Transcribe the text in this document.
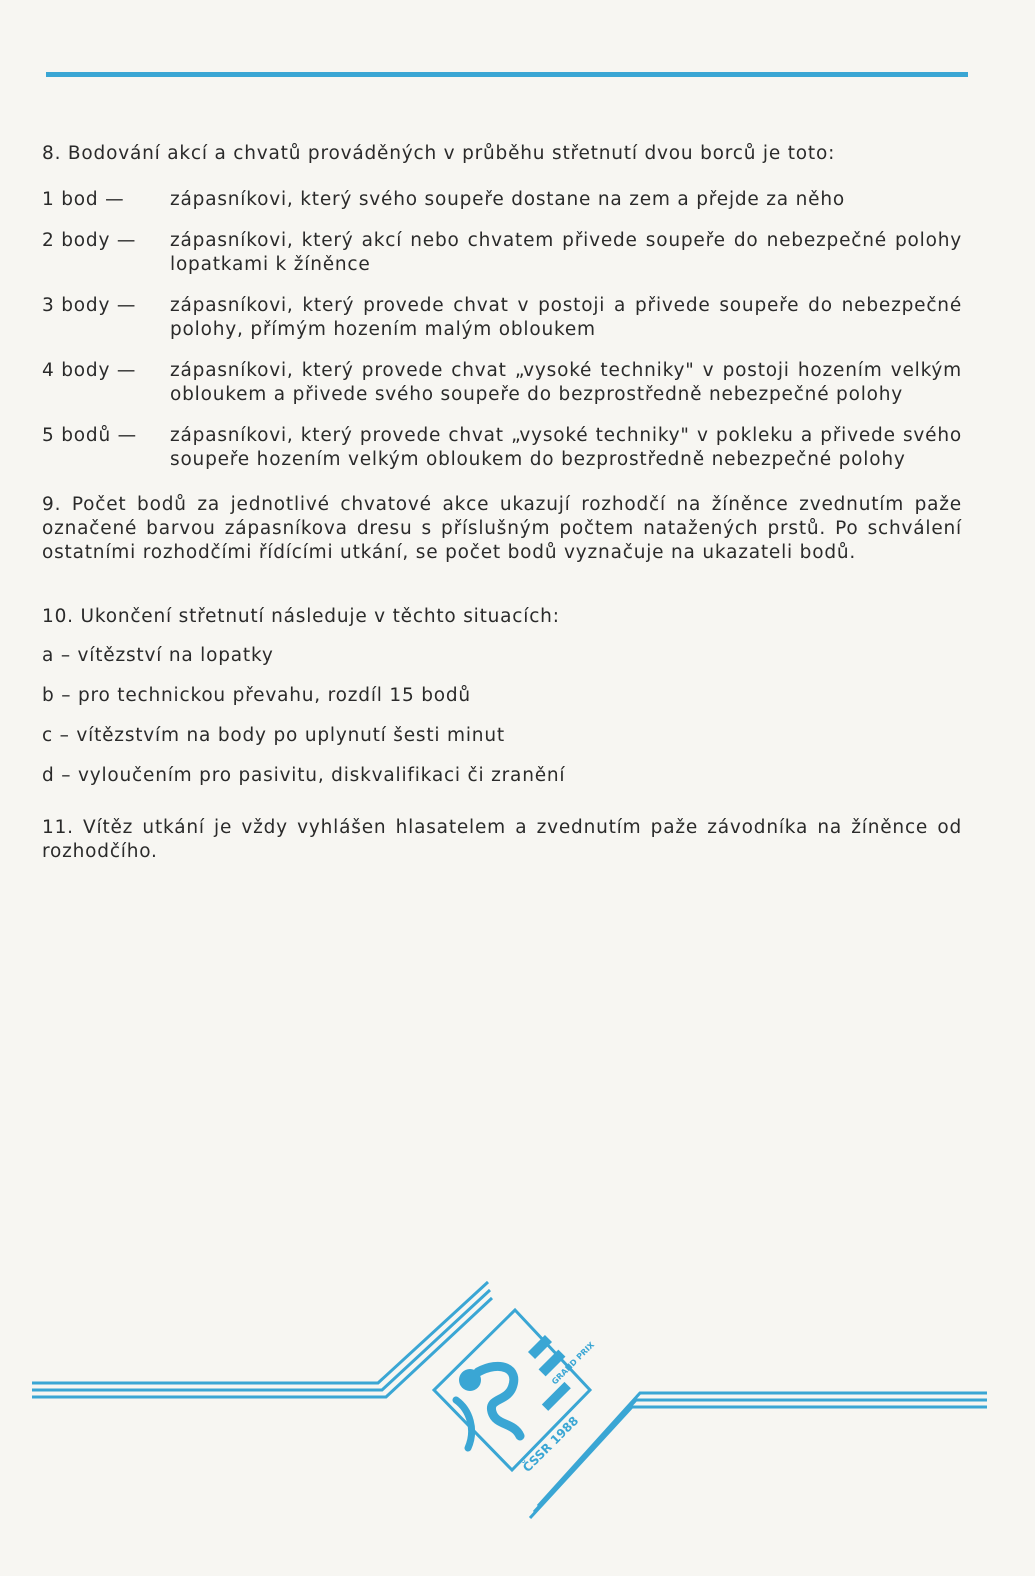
8. Bodování akcí a chvatů prováděných v průběhu střetnutí dvou borců je toto:

1 bod —	zápasníkovi, který svého soupeře dostane na zem a přejde za něho
2 body —	zápasníkovi, který akcí nebo chvatem přivede soupeře do nebezpečné polohy lopatkami k žíněnce
3 body —	zápasníkovi, který provede chvat v postoji a přivede soupeře do nebezpečné polohy, přímým hozením malým obloukem
4 body —	zápasníkovi, který provede chvat „vysoké techniky" v postoji hozením velkým obloukem a přivede svého soupeře do bezprostředně nebezpečné polohy
5 bodů —	zápasníkovi, který provede chvat „vysoké techniky" v pokleku a přivede svého soupeře hozením velkým obloukem do bezprostředně nebezpečné polohy

9. Počet bodů za jednotlivé chvatové akce ukazují rozhodčí na žíněnce zvednutím paže označené barvou zápasníkova dresu s příslušným počtem natažených prstů. Po schválení ostatními rozhodčími řídícími utkání, se počet bodů vyznačuje na ukazateli bodů.

10. Ukončení střetnutí následuje v těchto situacích:

a – vítězství na lopatky

b – pro technickou převahu, rozdíl 15 bodů

c – vítězstvím na body po uplynutí šesti minut

d – vyloučením pro pasivitu, diskvalifikaci či zranění

11. Vítěz utkání je vždy vyhlášen hlasatelem a zvednutím paže závodníka na žíněnce od rozhodčího.

GRAND PRIX
ČSSR 1988
